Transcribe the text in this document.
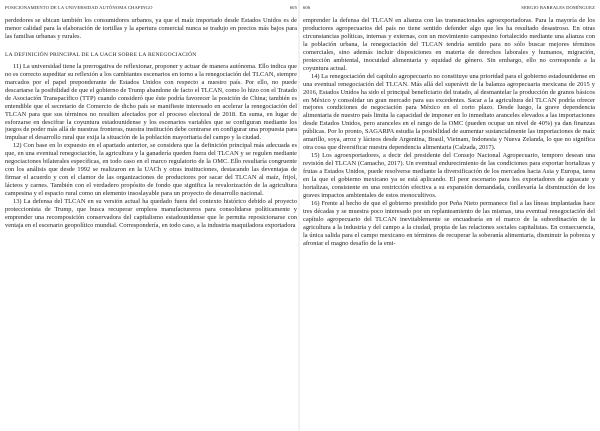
POSICIONAMIENTO DE LA UNIVERSIDAD AUTÓNOMA CHAPINGO	605

perdedores se ubican también los consumidores urbanos, ya que el maíz importado desde Estados Unidos es de menor calidad para la elaboración de tortillas y la apertura comercial nunca se tradujo en precios más bajos para las familias urbanas y rurales.

LA DEFINICIÓN PRINCIPAL DE LA UACH SOBRE LA RENEGOCIACIÓN

11) La universidad tiene la prerrogativa de reflexionar, proponer y actuar de manera autónoma. Ello indica que no es correcto supeditar su reflexión a los cambiantes escenarios en torno a la renegociación del TLCAN, siempre marcados por el papel preponderante de Estados Unidos con respecto a nuestro país. Por ello, no puede descartarse la posibilidad de que el gobierno de Trump abandone de facto el TLCAN, como lo hizo con el Tratado de Asociación Transpacífico (TTP) cuando consideró que éste podría favorecer la posición de China; también es entendible que el secretario de Comercio de dicho país se manifieste interesado en acelerar la renegociación del TLCAN para que sus términos no resulten afectados por el proceso electoral de 2018. En suma, en lugar de esforzarse en descifrar la coyuntura estadounidense y los escenarios variables que se configuran mediante los juegos de poder más allá de nuestras fronteras, nuestra institución debe centrarse en configurar una propuesta para impulsar el desarrollo rural que exija la situación de la población mayoritaria del campo y la ciudad.

12) Con base en lo expuesto en el apartado anterior, se considera que la definición principal más adecuada es que, en una eventual renegociación, la agricultura y la ganadería queden fuera del TLCAN y se regulen mediante negociaciones bilaterales específicas, en todo caso en el marco regulatorio de la OMC. Ello resultaría congruente con los análisis que desde 1992 se realizaron en la UACh y otras instituciones, destacando las deventajas de firmar el acuerdo y con el clamor de las organizaciones de productores por sacar del TLCAN al maíz, frijol, lácteos y carnes. También con el verdadero propósito de fondo que significa la revalorización de la agricultura campesina y el espacio rural como un elemento insoslayable para un proyecto de desarrollo nacional.

13) La defensa del TLCAN en su versión actual ha quedado fuera del contexto histórico debido al proyecto proteccionista de Trump, que busca recuperar empleos manufactureros para consolidarse políticamente y emprender una recomposición conservadora del capitalismo estadounidense que le permita reposicionarse con ventaja en el escenario geopolítico mundial. Correspondería, en todo caso, a la industria maquiladora exportadora

606	SERGIO BARRALES DOMÍNGUEZ

emprender la defensa del TLCAN en alianza con las transnacionales agroexportadoras. Para la mayoría de los productores agropecuarios del país no tiene sentido defender algo que les ha resultado desastroso. En otras circunstancias políticas, internas y externas, con un movimiento campesino fortalecido mediante una alianza con la población urbana, la renegociación del TLCAN tendría sentido para no sólo buscar mejores términos comerciales, sino además incluir disposiciones en materia de derechos laborales y humanos, migración, protección ambiental, inocuidad alimentaria y equidad de género. Sin embargo, ello no corresponde a la coyuntura actual.

14) La renegociación del capítulo agropecuario no constituye una prioridad para el gobierno estadounidense en una eventual renegociación del TLCAN. Más allá del superávit de la balanza agropecuaria mexicana de 2015 y 2016, Estados Unidos ha sido el principal beneficiario del tratado, al desmantelar la producción de granos básicos en México y consolidar un gran mercado para sus excedentes. Sacar a la agricultura del TLCAN podría ofrecer mejores condiciones de negociación para México en el corto plazo. Desde luego, la grave dependencia alimentaria de nuestro país limita la capacidad de imponer en lo inmediato aranceles elevados a las importaciones desde Estados Unidos, pero aranceles en el rango de la OMC (pueden ocupar un nivel de 40%) ya dan finanzas públicas. Por lo pronto, SAGARPA estudia la posibilidad de aumentar sustancialmente las importaciones de maíz amarillo, soya, arroz y lácteos desde Argentina, Brasil, Vietnam, Indonesia y Nueva Zelanda, lo que no significa otra cosa que diversificar nuestra dependencia alimentaria (Calzada, 2017).

15) Los agroexportadores, a decir del presidente del Consejo Nacional Agropecuario, temporo desean una revisión del TLCAN (Camacho, 2017). Un eventual endurecimiento de las condiciones para exportar hortalizas y frutas a Estados Unidos, puede resolverse mediante la diversificación de los mercados hacia Asia y Europa, tarea en la que el gobierno mexicano ya se está aplicando. El peor escenario para los exportadores de aguacate y hortalizas, consistente en una restricción efectiva a su expansión demandada, conllevaría la disminución de los graves impactos ambientales de estos monocultivos.

16) Frente al hecho de que el gobierno presidido por Peña Nieto permanece fiel a las líneas implantadas hace tres décadas y se muestra poco interesado por un replanteamiento de las mismas, una eventual renegociación del capítulo agropecuario del TLCAN inevitablemente se encuadraría en el marco de la subordinación de la agricultura a la industria y del campo a la ciudad, propia de las relaciones sociales capitalistas. En consecuencia, la única salida para el campo mexicano en términos de recuperar la soberanía alimentaria, disminuir la pobreza y afrontar el magno desafío de la emi-
